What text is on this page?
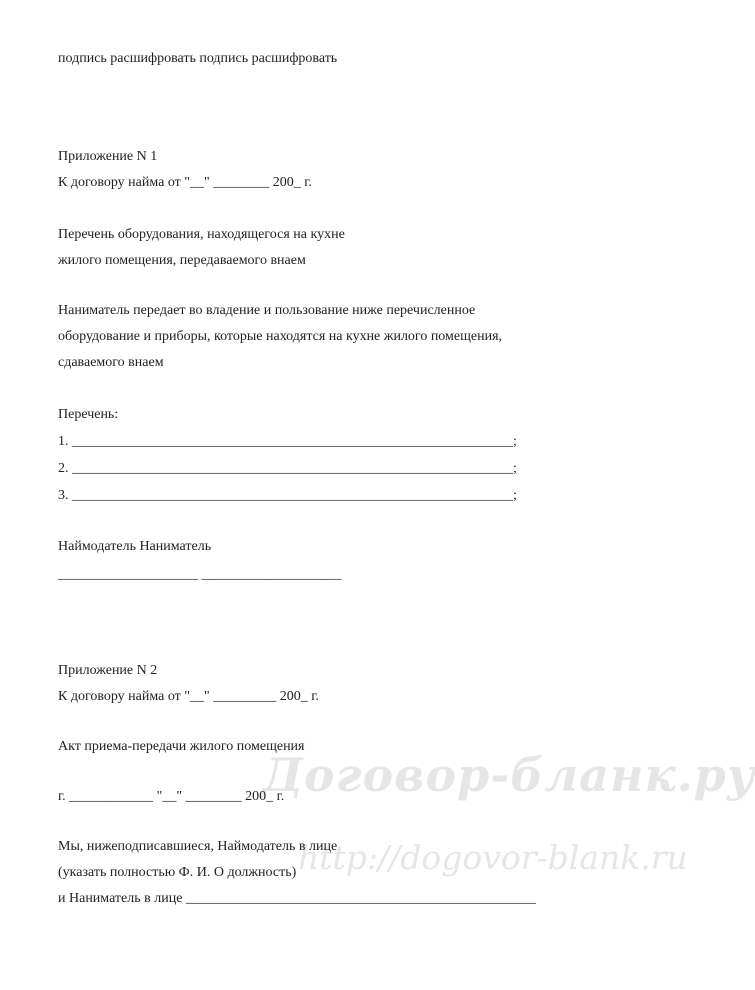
Договор-бланк.ру
http://dogovor-blank.ru

подпись расшифровать подпись расшифровать

Приложение N 1

К договору найма от "__" ________ 200_ г.

Перечень оборудования, находящегося на кухне

жилого помещения, передаваемого внаем

Наниматель передает во владение и пользование ниже перечисленное

оборудование и приборы, которые находятся на кухне жилого помещения,

сдаваемого внаем

Перечень:

1. _______________________________________________________________;

2. _______________________________________________________________;

3. _______________________________________________________________;

Наймодатель Наниматель

____________________ ____________________

Приложение N 2

К договору найма от "__" _________ 200_ г.

Акт приема-передачи жилого помещения

г. ____________ "__" ________ 200_ г.

Мы, нижеподписавшиеся, Наймодатель в лице

(указать полностью Ф. И. О должность)

и Наниматель в лице __________________________________________________
